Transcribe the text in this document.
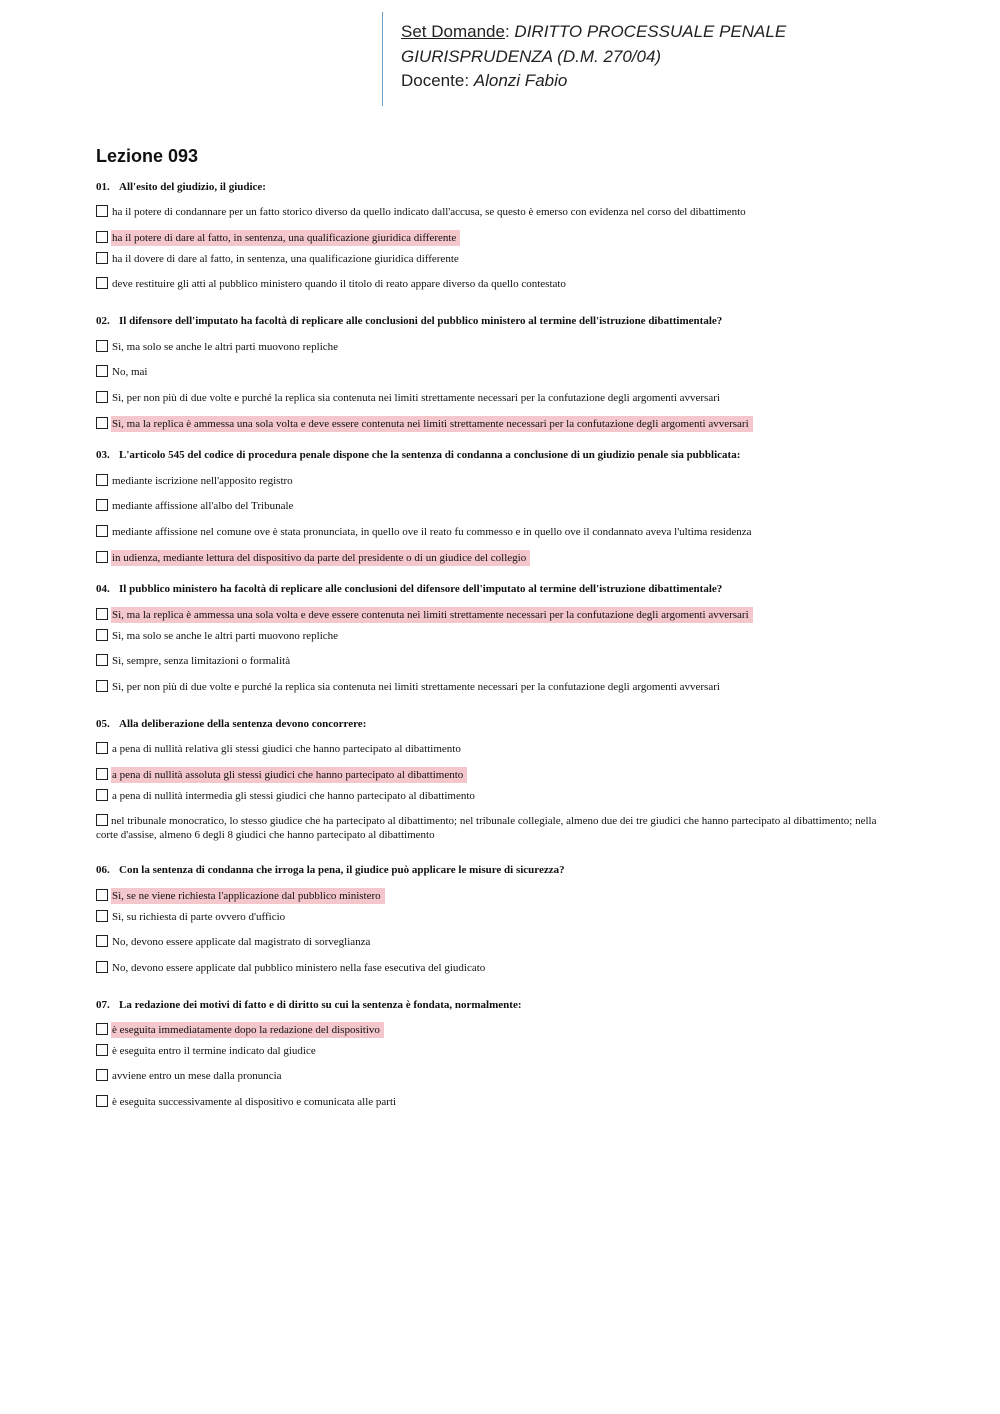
Set Domande: DIRITTO PROCESSUALE PENALE
GIURISPRUDENZA (D.M. 270/04)
Docente: Alonzi Fabio
Lezione 093

01. All'esito del giudizio, il giudice:

ha il potere di condannare per un fatto storico diverso da quello indicato dall'accusa, se questo è emerso con evidenza nel corso del dibattimento
ha il potere di dare al fatto, in sentenza, una qualificazione giuridica differente
ha il dovere di dare al fatto, in sentenza, una qualificazione giuridica differente
deve restituire gli atti al pubblico ministero quando il titolo di reato appare diverso da quello contestato

02. Il difensore dell'imputato ha facoltà di replicare alle conclusioni del pubblico ministero al termine dell'istruzione dibattimentale?

Sì, ma solo se anche le altri parti muovono repliche
No, mai
Sì, per non più di due volte e purché la replica sia contenuta nei limiti strettamente necessari per la confutazione degli argomenti avversari
Sì, ma la replica è ammessa una sola volta e deve essere contenuta nei limiti strettamente necessari per la confutazione degli argomenti avversari

03. L'articolo 545 del codice di procedura penale dispone che la sentenza di condanna a conclusione di un giudizio penale sia pubblicata:

mediante iscrizione nell'apposito registro
mediante affissione all'albo del Tribunale
mediante affissione nel comune ove è stata pronunciata, in quello ove il reato fu commesso e in quello ove il condannato aveva l'ultima residenza
in udienza, mediante lettura del dispositivo da parte del presidente o di un giudice del collegio

04. Il pubblico ministero ha facoltà di replicare alle conclusioni del difensore dell'imputato al termine dell'istruzione dibattimentale?

Sì, ma la replica è ammessa una sola volta e deve essere contenuta nei limiti strettamente necessari per la confutazione degli argomenti avversari
Sì, ma solo se anche le altri parti muovono repliche
Sì, sempre, senza limitazioni o formalità
Sì, per non più di due volte e purché la replica sia contenuta nei limiti strettamente necessari per la confutazione degli argomenti avversari

05. Alla deliberazione della sentenza devono concorrere:

a pena di nullità relativa gli stessi giudici che hanno partecipato al dibattimento
a pena di nullità assoluta gli stessi giudici che hanno partecipato al dibattimento
a pena di nullità intermedia gli stessi giudici che hanno partecipato al dibattimento
nel tribunale monocratico, lo stesso giudice che ha partecipato al dibattimento; nel tribunale collegiale, almeno due dei tre giudici che hanno partecipato al dibattimento; nella corte d'assise, almeno 6 degli 8 giudici che hanno partecipato al dibattimento

06. Con la sentenza di condanna che irroga la pena, il giudice può applicare le misure di sicurezza?

Sì, se ne viene richiesta l'applicazione dal pubblico ministero
Sì, su richiesta di parte ovvero d'ufficio
No, devono essere applicate dal magistrato di sorveglianza
No, devono essere applicate dal pubblico ministero nella fase esecutiva del giudicato

07. La redazione dei motivi di fatto e di diritto su cui la sentenza è fondata, normalmente:

è eseguita immediatamente dopo la redazione del dispositivo
è eseguita entro il termine indicato dal giudice
avviene entro un mese dalla pronuncia
è eseguita successivamente al dispositivo e comunicata alle parti
